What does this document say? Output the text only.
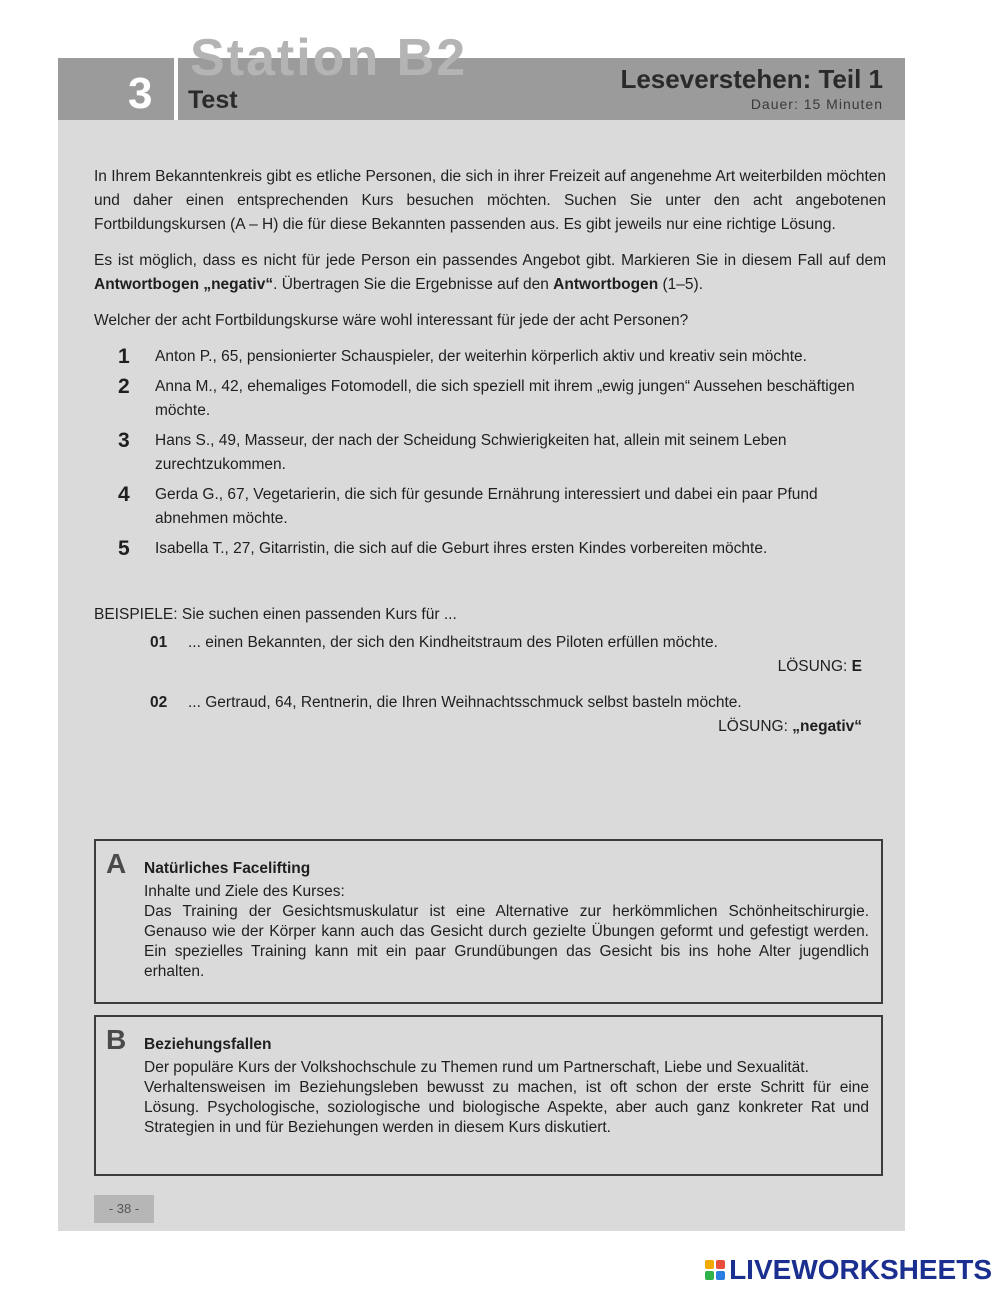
Station B2
3 Test
Leseverstehen: Teil 1
Dauer: 15 Minuten

In Ihrem Bekanntenkreis gibt es etliche Personen, die sich in ihrer Freizeit auf angenehme Art weiterbilden möchten und daher einen entsprechenden Kurs besuchen möchten. Suchen Sie unter den acht angebotenen Fortbildungskursen (A – H) die für diese Bekannten passenden aus. Es gibt jeweils nur eine richtige Lösung.

Es ist möglich, dass es nicht für jede Person ein passendes Angebot gibt. Markieren Sie in diesem Fall auf dem Antwortbogen „negativ“. Übertragen Sie die Ergebnisse auf den Antwortbogen (1–5).

Welcher der acht Fortbildungskurse wäre wohl interessant für jede der acht Personen?

1	Anton P., 65, pensionierter Schauspieler, der weiterhin körperlich aktiv und kreativ sein möchte.
2	Anna M., 42, ehemaliges Fotomodell, die sich speziell mit ihrem „ewig jungen“ Aussehen beschäftigen möchte.
3	Hans S., 49, Masseur, der nach der Scheidung Schwierigkeiten hat, allein mit seinem Leben zurechtzukommen.
4	Gerda G., 67, Vegetarierin, die sich für gesunde Ernährung interessiert und dabei ein paar Pfund abnehmen möchte.
5	Isabella T., 27, Gitarristin, die sich auf die Geburt ihres ersten Kindes vorbereiten möchte.
BEISPIELE: Sie suchen einen passenden Kurs für ...
01	... einen Bekannten, der sich den Kindheitstraum des Piloten erfüllen möchte.
LÖSUNG: E
02	... Gertraud, 64, Rentnerin, die Ihren Weihnachtsschmuck selbst basteln möchte.
LÖSUNG: „negativ“
A Natürliches Facelifting

Inhalte und Ziele des Kurses:

Das Training der Gesichtsmuskulatur ist eine Alternative zur herkömmlichen Schönheitschirurgie. Genauso wie der Körper kann auch das Gesicht durch gezielte Übungen geformt und gefestigt werden. Ein spezielles Training kann mit ein paar Grundübungen das Gesicht bis ins hohe Alter jugendlich erhalten.

B Beziehungsfallen

Der populäre Kurs der Volkshochschule zu Themen rund um Partnerschaft, Liebe und Sexualität.

Verhaltensweisen im Beziehungsleben bewusst zu machen, ist oft schon der erste Schritt für eine Lösung. Psychologische, soziologische und biologische Aspekte, aber auch ganz konkreter Rat und Strategien in und für Beziehungen werden in diesem Kurs diskutiert.

- 38 -
LIVEWORKSHEETS
